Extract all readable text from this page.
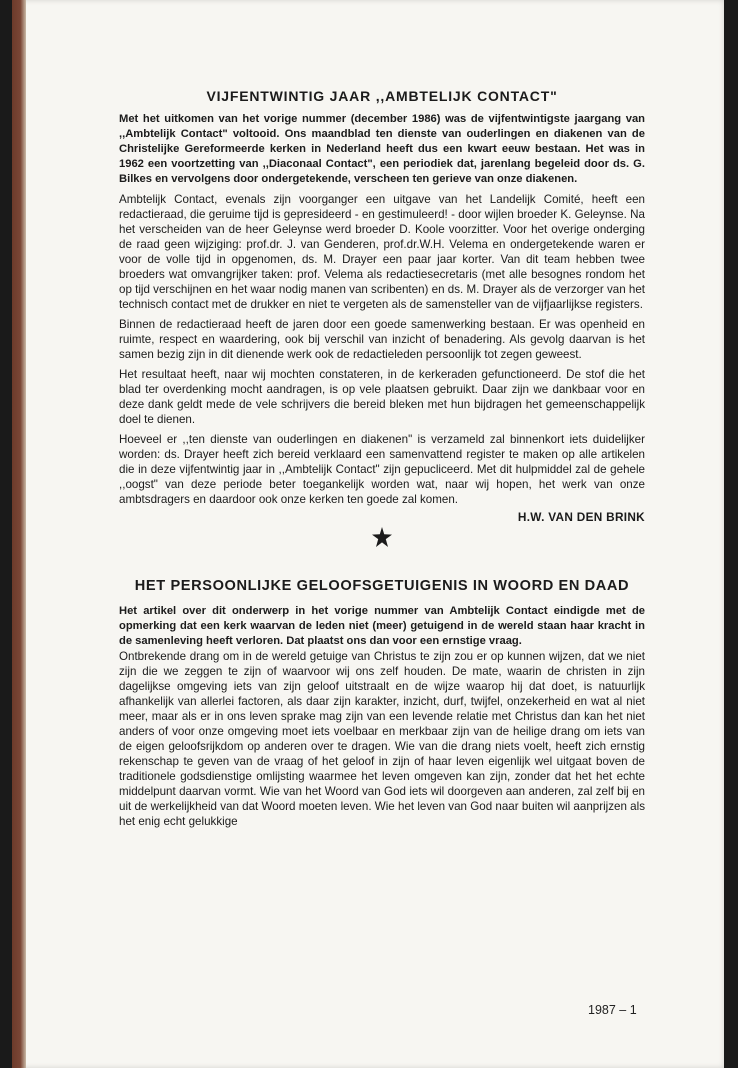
VIJFENTWINTIG JAAR ,,AMBTELIJK CONTACT"

Met het uitkomen van het vorige nummer (december 1986) was de vijfentwintigste jaargang van ,,Ambtelijk Contact" voltooid. Ons maandblad ten dienste van ouderlingen en diakenen van de Christelijke Gereformeerde kerken in Nederland heeft dus een kwart eeuw bestaan. Het was in 1962 een voortzetting van ,,Diaconaal Contact", een periodiek dat, jarenlang begeleid door ds. G. Bilkes en vervolgens door ondergetekende, verscheen ten gerieve van onze diakenen.

Ambtelijk Contact, evenals zijn voorganger een uitgave van het Landelijk Comité, heeft een redactieraad, die geruime tijd is gepresideerd - en gestimuleerd! - door wijlen broeder K. Geleynse. Na het verscheiden van de heer Geleynse werd broeder D. Koole voorzitter. Voor het overige onderging de raad geen wijziging: prof.dr. J. van Genderen, prof.dr.W.H. Velema en ondergetekende waren er voor de volle tijd in opgenomen, ds. M. Drayer een paar jaar korter. Van dit team hebben twee broeders wat omvangrijker taken: prof. Velema als redactiesecretaris (met alle besognes rondom het op tijd verschijnen en het waar nodig manen van scribenten) en ds. M. Drayer als de verzorger van het technisch contact met de drukker en niet te vergeten als de samensteller van de vijfjaarlijkse registers.

Binnen de redactieraad heeft de jaren door een goede samenwerking bestaan. Er was openheid en ruimte, respect en waardering, ook bij verschil van inzicht of benadering. Als gevolg daarvan is het samen bezig zijn in dit dienende werk ook de redactieleden persoonlijk tot zegen geweest.

Het resultaat heeft, naar wij mochten constateren, in de kerkeraden gefunctioneerd. De stof die het blad ter overdenking mocht aandragen, is op vele plaatsen gebruikt. Daar zijn we dankbaar voor en deze dank geldt mede de vele schrijvers die bereid bleken met hun bijdragen het gemeenschappelijk doel te dienen.

Hoeveel er ,,ten dienste van ouderlingen en diakenen" is verzameld zal binnenkort iets duidelijker worden: ds. Drayer heeft zich bereid verklaard een samenvattend register te maken op alle artikelen die in deze vijfentwintig jaar in ,,Ambtelijk Contact" zijn gepucliceerd. Met dit hulpmiddel zal de gehele ,,oogst" van deze periode beter toegankelijk worden wat, naar wij hopen, het werk van onze ambtsdragers en daardoor ook onze kerken ten goede zal komen.

H.W. VAN DEN BRINK
HET PERSOONLIJKE GELOOFSGETUIGENIS IN WOORD EN DAAD

Het artikel over dit onderwerp in het vorige nummer van Ambtelijk Contact eindigde met de opmerking dat een kerk waarvan de leden niet (meer) getuigend in de wereld staan haar kracht in de samenleving heeft verloren. Dat plaatst ons dan voor een ernstige vraag.

Ontbrekende drang om in de wereld getuige van Christus te zijn zou er op kunnen wijzen, dat we niet zijn die we zeggen te zijn of waarvoor wij ons zelf houden. De mate, waarin de christen in zijn dagelijkse omgeving iets van zijn geloof uitstraalt en de wijze waarop hij dat doet, is natuurlijk afhankelijk van allerlei factoren, als daar zijn karakter, inzicht, durf, twijfel, onzekerheid en wat al niet meer, maar als er in ons leven sprake mag zijn van een levende relatie met Christus dan kan het niet anders of voor onze omgeving moet iets voelbaar en merkbaar zijn van de heilige drang om iets van de eigen geloofsrijkdom op anderen over te dragen. Wie van die drang niets voelt, heeft zich ernstig rekenschap te geven van de vraag of het geloof in zijn of haar leven eigenlijk wel uitgaat boven de traditionele godsdienstige omlijsting waarmee het leven omgeven kan zijn, zonder dat het het echte middelpunt daarvan vormt. Wie van het Woord van God iets wil doorgeven aan anderen, zal zelf bij en uit de werkelijkheid van dat Woord moeten leven. Wie het leven van God naar buiten wil aanprijzen als het enig echt gelukkige

1987 – 1
